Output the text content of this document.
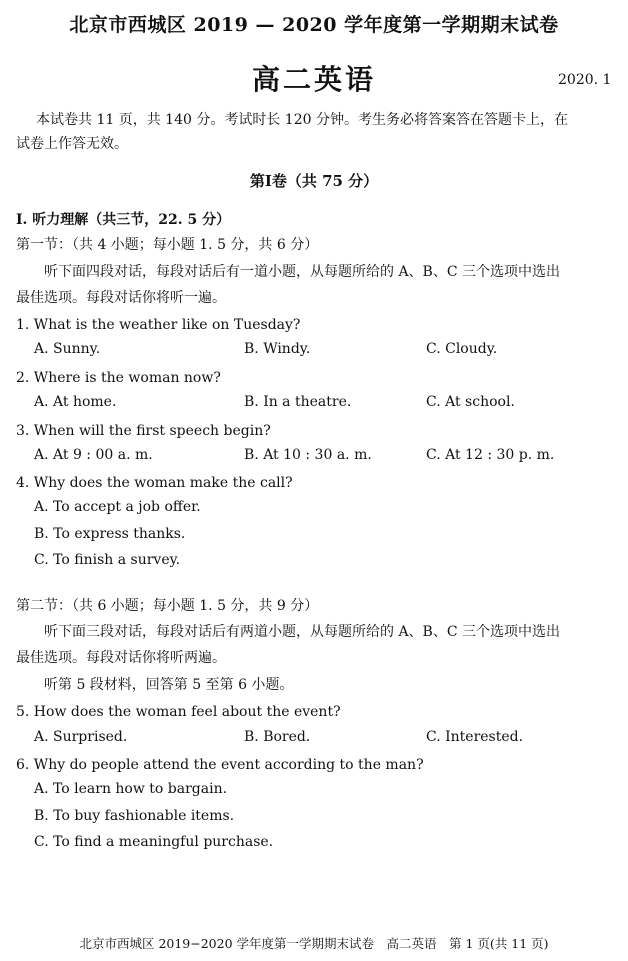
北京市西城区 2019 — 2020 学年度第一学期期末试卷
高二英语	2020. 1
本试卷共 11 页，共 140 分。考试时长 120 分钟。考生务必将答案答在答题卡上，在
试卷上作答无效。
第Ⅰ卷（共 75 分）
Ⅰ. 听力理解（共三节，22. 5 分）
第一节：（共 4 小题；每小题 1. 5 分，共 6 分）
听下面四段对话，每段对话后有一道小题，从每题所给的 A、B、C 三个选项中选出
最佳选项。每段对话你将听一遍。
1. What is the weather like on Tuesday?
A. Sunny.	B. Windy.	C. Cloudy.
2. Where is the woman now?
A. At home.	B. In a theatre.	C. At school.
3. When will the first speech begin?
A. At 9 : 00 a. m.	B. At 10 : 30 a. m.	C. At 12 : 30 p. m.
4. Why does the woman make the call?
A. To accept a job offer.
B. To express thanks.
C. To finish a survey.
第二节：（共 6 小题；每小题 1. 5 分，共 9 分）
听下面三段对话，每段对话后有两道小题，从每题所给的 A、B、C 三个选项中选出
最佳选项。每段对话你将听两遍。
听第 5 段材料，回答第 5 至第 6 小题。
5. How does the woman feel about the event?
A. Surprised.	B. Bored.	C. Interested.
6. Why do people attend the event according to the man?
A. To learn how to bargain.
B. To buy fashionable items.
C. To find a meaningful purchase.
北京市西城区 2019−2020 学年度第一学期期末试卷　高二英语　第 1 页(共 11 页)
